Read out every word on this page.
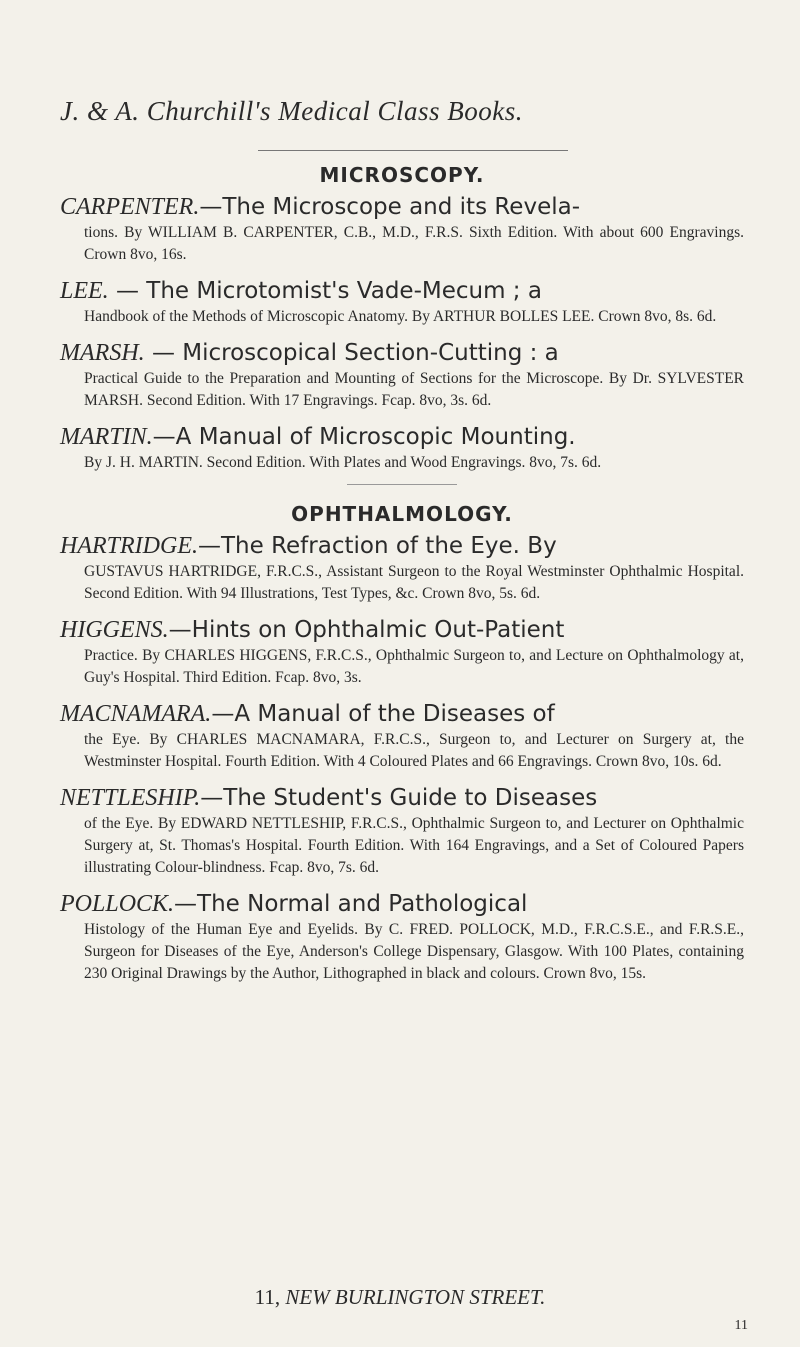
J. & A. Churchill's Medical Class Books.
MICROSCOPY.
CARPENTER.—The Microscope and its Revela-

tions. By WILLIAM B. CARPENTER, C.B., M.D., F.R.S. Sixth Edition. With about 600 Engravings. Crown 8vo, 16s.

LEE. — The Microtomist's Vade-Mecum ; a

Handbook of the Methods of Microscopic Anatomy. By ARTHUR BOLLES LEE. Crown 8vo, 8s. 6d.

MARSH. — Microscopical Section-Cutting : a

Practical Guide to the Preparation and Mounting of Sections for the Microscope. By Dr. SYLVESTER MARSH. Second Edition. With 17 Engravings. Fcap. 8vo, 3s. 6d.

MARTIN.—A Manual of Microscopic Mounting.

By J. H. MARTIN. Second Edition. With Plates and Wood Engravings. 8vo, 7s. 6d.

OPHTHALMOLOGY.
HARTRIDGE.—The Refraction of the Eye. By

GUSTAVUS HARTRIDGE, F.R.C.S., Assistant Surgeon to the Royal Westminster Ophthalmic Hospital. Second Edition. With 94 Illustrations, Test Types, &c. Crown 8vo, 5s. 6d.

HIGGENS.—Hints on Ophthalmic Out-Patient

Practice. By CHARLES HIGGENS, F.R.C.S., Ophthalmic Surgeon to, and Lecture on Ophthalmology at, Guy's Hospital. Third Edition. Fcap. 8vo, 3s.

MACNAMARA.—A Manual of the Diseases of

the Eye. By CHARLES MACNAMARA, F.R.C.S., Surgeon to, and Lecturer on Surgery at, the Westminster Hospital. Fourth Edition. With 4 Coloured Plates and 66 Engravings. Crown 8vo, 10s. 6d.

NETTLESHIP.—The Student's Guide to Diseases

of the Eye. By EDWARD NETTLESHIP, F.R.C.S., Ophthalmic Surgeon to, and Lecturer on Ophthalmic Surgery at, St. Thomas's Hospital. Fourth Edition. With 164 Engravings, and a Set of Coloured Papers illustrating Colour-blindness. Fcap. 8vo, 7s. 6d.

POLLOCK.—The Normal and Pathological

Histology of the Human Eye and Eyelids. By C. FRED. POLLOCK, M.D., F.R.C.S.E., and F.R.S.E., Surgeon for Diseases of the Eye, Anderson's College Dispensary, Glasgow. With 100 Plates, containing 230 Original Drawings by the Author, Lithographed in black and colours. Crown 8vo, 15s.

11, NEW BURLINGTON STREET.
11
